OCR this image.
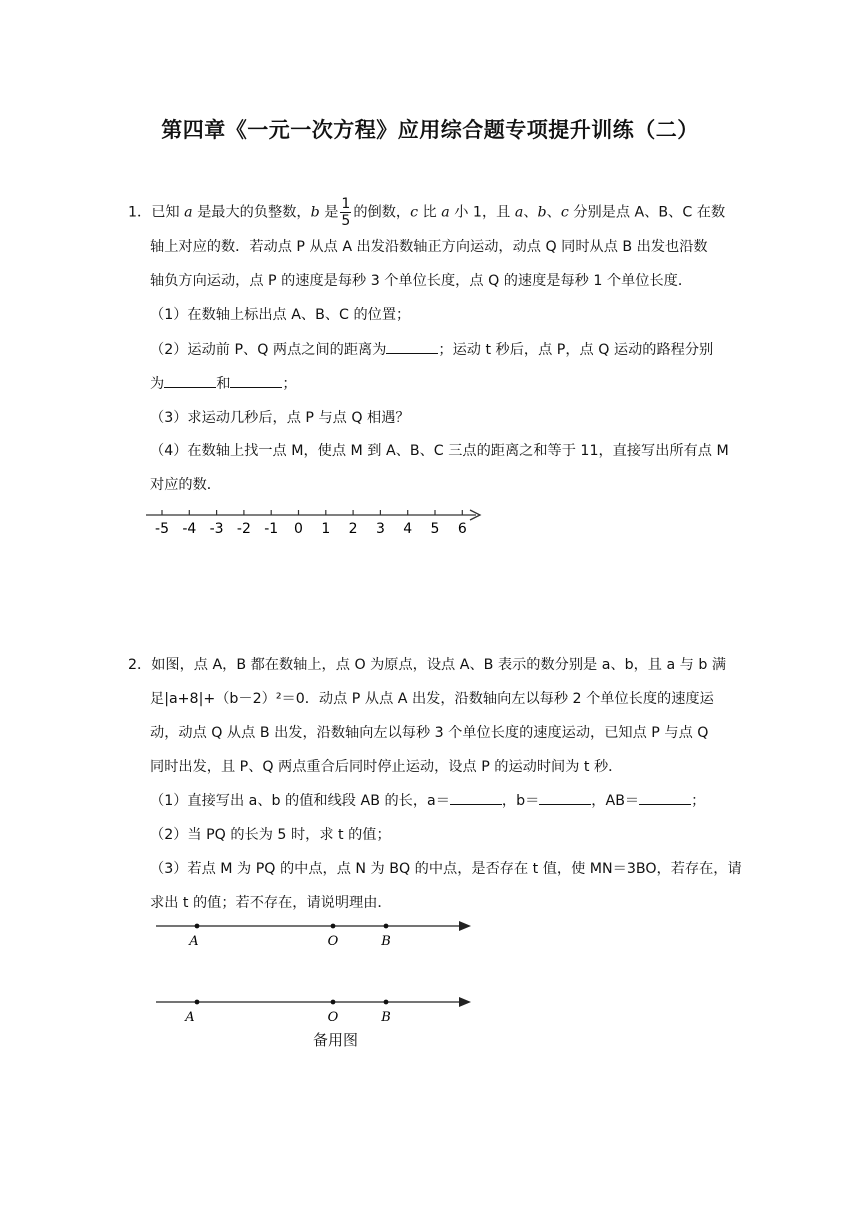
第四章《一元一次方程》应用综合题专项提升训练（二）
1．已知 a 是最大的负整数，b 是 $\frac{1}{5}$ 的倒数，c 比 a 小 1，且 a、b、c 分别是点 A、B、C 在数
轴上对应的数．若动点 P 从点 A 出发沿数轴正方向运动，动点 Q 同时从点 B 出发也沿数
轴负方向运动，点 P 的速度是每秒 3 个单位长度，点 Q 的速度是每秒 1 个单位长度．
（1）在数轴上标出点 A、B、C 的位置；
（2）运动前 P、Q 两点之间的距离为	；运动 t 秒后，点 P，点 Q 运动的路程分别
为	和	；
（3）求运动几秒后，点 P 与点 Q 相遇？
（4）在数轴上找一点 M，使点 M 到 A、B、C 三点的距离之和等于 11，直接写出所有点 M
对应的数．
-5 -4 -3 -2 -1 0 1 2 3 4 5 6
2．如图，点 A，B 都在数轴上，点 O 为原点，设点 A、B 表示的数分别是 a、b，且 a 与 b 满
足|a+8|+（b－2）²＝0．动点 P 从点 A 出发，沿数轴向左以每秒 2 个单位长度的速度运
动，动点 Q 从点 B 出发，沿数轴向左以每秒 3 个单位长度的速度运动，已知点 P 与点 Q
同时出发，且 P、Q 两点重合后同时停止运动，设点 P 的运动时间为 t 秒．
（1）直接写出 a、b 的值和线段 AB 的长，a＝	，b＝	，AB＝	；
（2）当 PQ 的长为 5 时，求 t 的值；
（3）若点 M 为 PQ 的中点，点 N 为 BQ 的中点，是否存在 t 值，使 MN＝3BO，若存在，请
求出 t 的值；若不存在，请说明理由．
A	O	B
A	O	B
备用图
